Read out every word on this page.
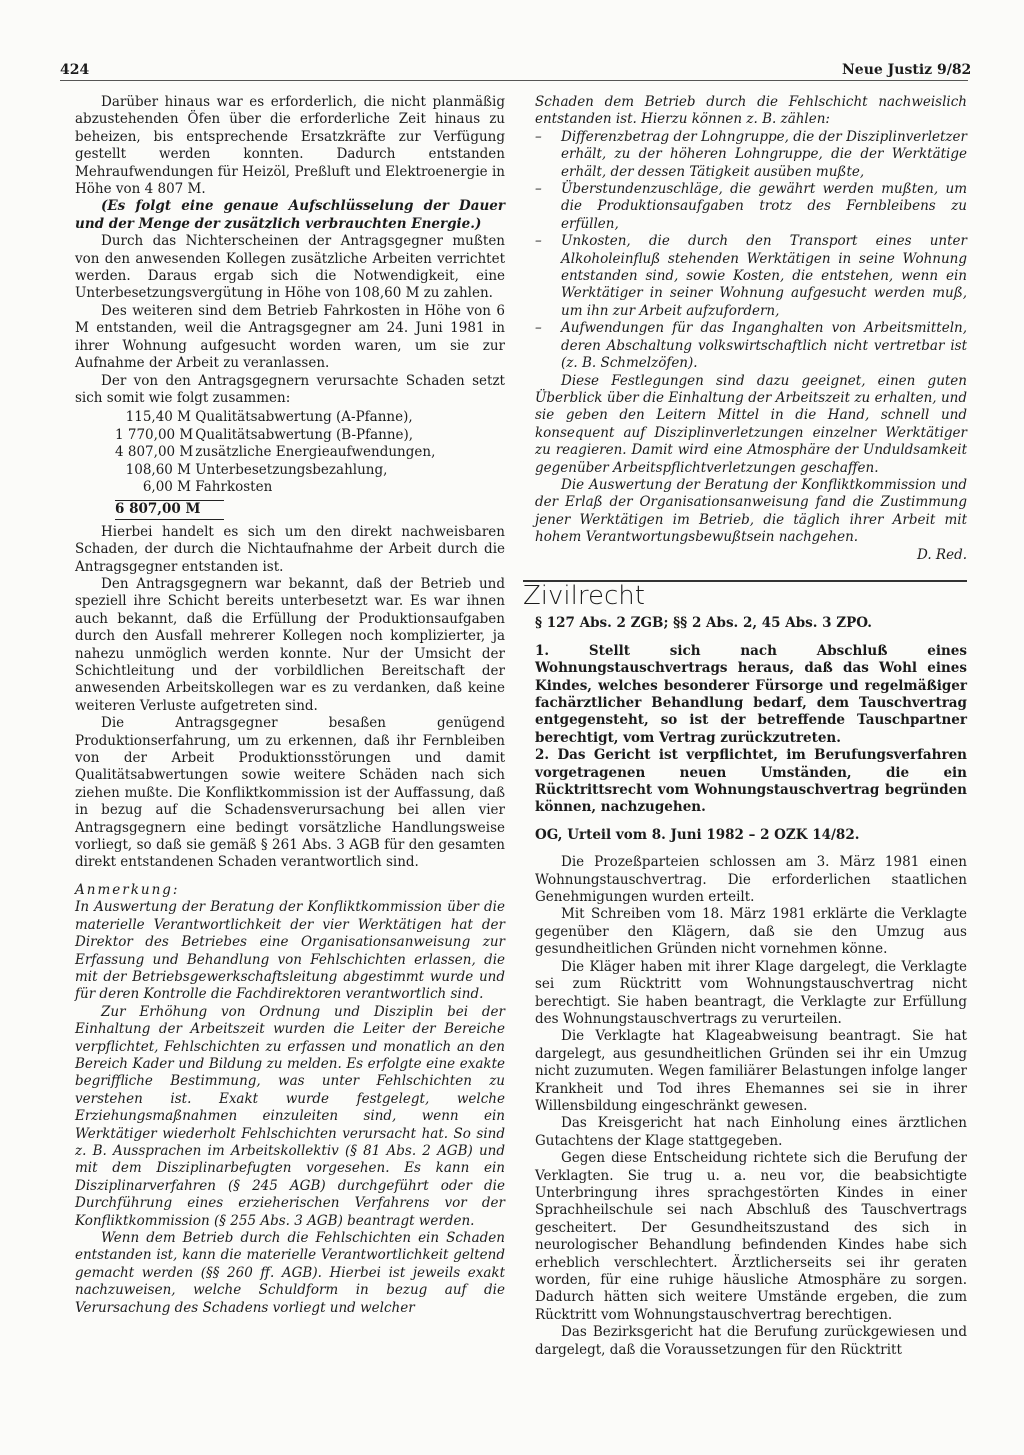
424	Neue Justiz 9/82

Darüber hinaus war es erforderlich, die nicht planmäßig abzustehenden Öfen über die erforderliche Zeit hinaus zu beheizen, bis entsprechende Ersatzkräfte zur Verfügung gestellt werden konnten. Dadurch entstanden Mehraufwendungen für Heizöl, Preßluft und Elektroenergie in Höhe von 4 807 M.

(Es folgt eine genaue Aufschlüsselung der Dauer und der Menge der zusätzlich verbrauchten Energie.)

Durch das Nichterscheinen der Antragsgegner mußten von den anwesenden Kollegen zusätzliche Arbeiten verrichtet werden. Daraus ergab sich die Notwendigkeit, eine Unterbesetzungsvergütung in Höhe von 108,60 M zu zahlen.

Des weiteren sind dem Betrieb Fahrkosten in Höhe von 6 M entstanden, weil die Antragsgegner am 24. Juni 1981 in ihrer Wohnung aufgesucht worden waren, um sie zur Aufnahme der Arbeit zu veranlassen.

Der von den Antragsgegnern verursachte Schaden setzt sich somit wie folgt zusammen:

115,40 M Qualitätsabwertung (A-Pfanne),
1 770,00 M Qualitätsabwertung (B-Pfanne),
4 807,00 M zusätzliche Energieaufwendungen,
108,60 M Unterbesetzungsbezahlung,
6,00 M Fahrkosten
6 807,00 M

Hierbei handelt es sich um den direkt nachweisbaren Schaden, der durch die Nichtaufnahme der Arbeit durch die Antragsgegner entstanden ist.

Den Antragsgegnern war bekannt, daß der Betrieb und speziell ihre Schicht bereits unterbesetzt war. Es war ihnen auch bekannt, daß die Erfüllung der Produktionsaufgaben durch den Ausfall mehrerer Kollegen noch komplizierter, ja nahezu unmöglich werden konnte. Nur der Umsicht der Schichtleitung und der vorbildlichen Bereitschaft der anwesenden Arbeitskollegen war es zu verdanken, daß keine weiteren Verluste aufgetreten sind.

Die Antragsgegner besaßen genügend Produktionserfahrung, um zu erkennen, daß ihr Fernbleiben von der Arbeit Produktionsstörungen und damit Qualitätsabwertungen sowie weitere Schäden nach sich ziehen mußte. Die Konfliktkommission ist der Auffassung, daß in bezug auf die Schadensverursachung bei allen vier Antragsgegnern eine bedingt vorsätzliche Handlungsweise vorliegt, so daß sie gemäß § 261 Abs. 3 AGB für den gesamten direkt entstandenen Schaden verantwortlich sind.

Anmerkung:

In Auswertung der Beratung der Konfliktkommission über die materielle Verantwortlichkeit der vier Werktätigen hat der Direktor des Betriebes eine Organisationsanweisung zur Erfassung und Behandlung von Fehlschichten erlassen, die mit der Betriebsgewerkschaftsleitung abgestimmt wurde und für deren Kontrolle die Fachdirektoren verantwortlich sind.

Zur Erhöhung von Ordnung und Disziplin bei der Einhaltung der Arbeitszeit wurden die Leiter der Bereiche verpflichtet, Fehlschichten zu erfassen und monatlich an den Bereich Kader und Bildung zu melden. Es erfolgte eine exakte begriffliche Bestimmung, was unter Fehlschichten zu verstehen ist. Exakt wurde festgelegt, welche Erziehungsmaßnahmen einzuleiten sind, wenn ein Werktätiger wiederholt Fehlschichten verursacht hat. So sind z. B. Aussprachen im Arbeitskollektiv (§ 81 Abs. 2 AGB) und mit dem Disziplinarbefugten vorgesehen. Es kann ein Disziplinarverfahren (§ 245 AGB) durchgeführt oder die Durchführung eines erzieherischen Verfahrens vor der Konfliktkommission (§ 255 Abs. 3 AGB) beantragt werden.

Wenn dem Betrieb durch die Fehlschichten ein Schaden entstanden ist, kann die materielle Verantwortlichkeit geltend gemacht werden (§§ 260 ff. AGB). Hierbei ist jeweils exakt nachzuweisen, welche Schuldform in bezug auf die Verursachung des Schadens vorliegt und welcher

Schaden dem Betrieb durch die Fehlschicht nachweislich entstanden ist. Hierzu können z. B. zählen:

– Differenzbetrag der Lohngruppe, die der Disziplinverletzer erhält, zu der höheren Lohngruppe, die der Werktätige erhält, der dessen Tätigkeit ausüben mußte,
– Überstundenzuschläge, die gewährt werden mußten, um die Produktionsaufgaben trotz des Fernbleibens zu erfüllen,
– Unkosten, die durch den Transport eines unter Alkoholeinfluß stehenden Werktätigen in seine Wohnung entstanden sind, sowie Kosten, die entstehen, wenn ein Werktätiger in seiner Wohnung aufgesucht werden muß, um ihn zur Arbeit aufzufordern,
– Aufwendungen für das Inganghalten von Arbeitsmitteln, deren Abschaltung volkswirtschaftlich nicht vertretbar ist (z. B. Schmelzöfen).

Diese Festlegungen sind dazu geeignet, einen guten Überblick über die Einhaltung der Arbeitszeit zu erhalten, und sie geben den Leitern Mittel in die Hand, schnell und konsequent auf Disziplinverletzungen einzelner Werktätiger zu reagieren. Damit wird eine Atmosphäre der Unduldsamkeit gegenüber Arbeitspflichtverletzungen geschaffen.

Die Auswertung der Beratung der Konfliktkommission und der Erlaß der Organisationsanweisung fand die Zustimmung jener Werktätigen im Betrieb, die täglich ihrer Arbeit mit hohem Verantwortungsbewußtsein nachgehen.

D. Red.
Zivilrecht

§ 127 Abs. 2 ZGB; §§ 2 Abs. 2, 45 Abs. 3 ZPO.

1. Stellt sich nach Abschluß eines Wohnungstauschvertrags heraus, daß das Wohl eines Kindes, welches besonderer Fürsorge und regelmäßiger fachärztlicher Behandlung bedarf, dem Tauschvertrag entgegensteht, so ist der betreffende Tauschpartner berechtigt, vom Vertrag zurückzutreten.

2. Das Gericht ist verpflichtet, im Berufungsverfahren vorgetragenen neuen Umständen, die ein Rücktrittsrecht vom Wohnungstauschvertrag begründen können, nachzugehen.

OG, Urteil vom 8. Juni 1982 – 2 OZK 14/82.

Die Prozeßparteien schlossen am 3. März 1981 einen Wohnungstauschvertrag. Die erforderlichen staatlichen Genehmigungen wurden erteilt.

Mit Schreiben vom 18. März 1981 erklärte die Verklagte gegenüber den Klägern, daß sie den Umzug aus gesundheitlichen Gründen nicht vornehmen könne.

Die Kläger haben mit ihrer Klage dargelegt, die Verklagte sei zum Rücktritt vom Wohnungstauschvertrag nicht berechtigt. Sie haben beantragt, die Verklagte zur Erfüllung des Wohnungstauschvertrags zu verurteilen.

Die Verklagte hat Klageabweisung beantragt. Sie hat dargelegt, aus gesundheitlichen Gründen sei ihr ein Umzug nicht zuzumuten. Wegen familiärer Belastungen infolge langer Krankheit und Tod ihres Ehemannes sei sie in ihrer Willensbildung eingeschränkt gewesen.

Das Kreisgericht hat nach Einholung eines ärztlichen Gutachtens der Klage stattgegeben.

Gegen diese Entscheidung richtete sich die Berufung der Verklagten. Sie trug u. a. neu vor, die beabsichtigte Unterbringung ihres sprachgestörten Kindes in einer Sprachheilschule sei nach Abschluß des Tauschvertrags gescheitert. Der Gesundheitszustand des sich in neurologischer Behandlung befindenden Kindes habe sich erheblich verschlechtert. Ärztlicherseits sei ihr geraten worden, für eine ruhige häusliche Atmosphäre zu sorgen. Dadurch hätten sich weitere Umstände ergeben, die zum Rücktritt vom Wohnungstauschvertrag berechtigen.

Das Bezirksgericht hat die Berufung zurückgewiesen und dargelegt, daß die Voraussetzungen für den Rücktritt
